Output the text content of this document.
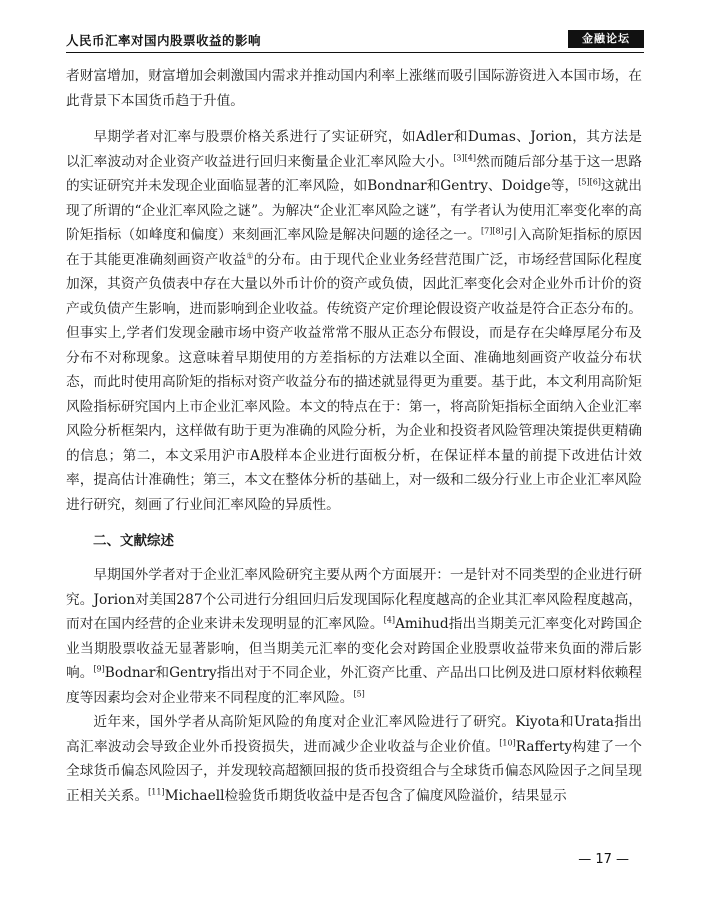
人民币汇率对国内股票收益的影响	金融论坛

者财富增加，财富增加会刺激国内需求并推动国内利率上涨继而吸引国际游资进入本国市场，在此背景下本国货币趋于升值。

早期学者对汇率与股票价格关系进行了实证研究，如Adler和Dumas、Jorion，其方法是以汇率波动对企业资产收益进行回归来衡量企业汇率风险大小。[3][4]然而随后部分基于这一思路的实证研究并未发现企业面临显著的汇率风险，如Bondnar和Gentry、Doidge等，[5][6]这就出现了所谓的“企业汇率风险之谜”。为解决“企业汇率风险之谜”，有学者认为使用汇率变化率的高阶矩指标（如峰度和偏度）来刻画汇率风险是解决问题的途径之一。[7][8]引入高阶矩指标的原因在于其能更准确刻画资产收益①的分布。由于现代企业业务经营范围广泛，市场经营国际化程度加深，其资产负债表中存在大量以外币计价的资产或负债，因此汇率变化会对企业外币计价的资产或负债产生影响，进而影响到企业收益。传统资产定价理论假设资产收益是符合正态分布的。但事实上,学者们发现金融市场中资产收益常常不服从正态分布假设，而是存在尖峰厚尾分布及分布不对称现象。这意味着早期使用的方差指标的方法难以全面、准确地刻画资产收益分布状态，而此时使用高阶矩的指标对资产收益分布的描述就显得更为重要。基于此，本文利用高阶矩风险指标研究国内上市企业汇率风险。本文的特点在于：第一，将高阶矩指标全面纳入企业汇率风险分析框架内，这样做有助于更为准确的风险分析，为企业和投资者风险管理决策提供更精确的信息；第二，本文采用沪市A股样本企业进行面板分析，在保证样本量的前提下改进估计效率，提高估计准确性；第三，本文在整体分析的基础上，对一级和二级分行业上市企业汇率风险进行研究，刻画了行业间汇率风险的异质性。

二、文献综述

早期国外学者对于企业汇率风险研究主要从两个方面展开：一是针对不同类型的企业进行研究。Jorion对美国287个公司进行分组回归后发现国际化程度越高的企业其汇率风险程度越高，而对在国内经营的企业来讲未发现明显的汇率风险。[4]Amihud指出当期美元汇率变化对跨国企业当期股票收益无显著影响，但当期美元汇率的变化会对跨国企业股票收益带来负面的滞后影响。[9]Bodnar和Gentry指出对于不同企业，外汇资产比重、产品出口比例及进口原材料依赖程度等因素均会对企业带来不同程度的汇率风险。[5]

近年来，国外学者从高阶矩风险的角度对企业汇率风险进行了研究。Kiyota和Urata指出高汇率波动会导致企业外币投资损失，进而减少企业收益与企业价值。[10]Rafferty构建了一个全球货币偏态风险因子，并发现较高超额回报的货币投资组合与全球货币偏态风险因子之间呈现正相关关系。[11]Michaell检验货币期货收益中是否包含了偏度风险溢价，结果显示

— 17 —
